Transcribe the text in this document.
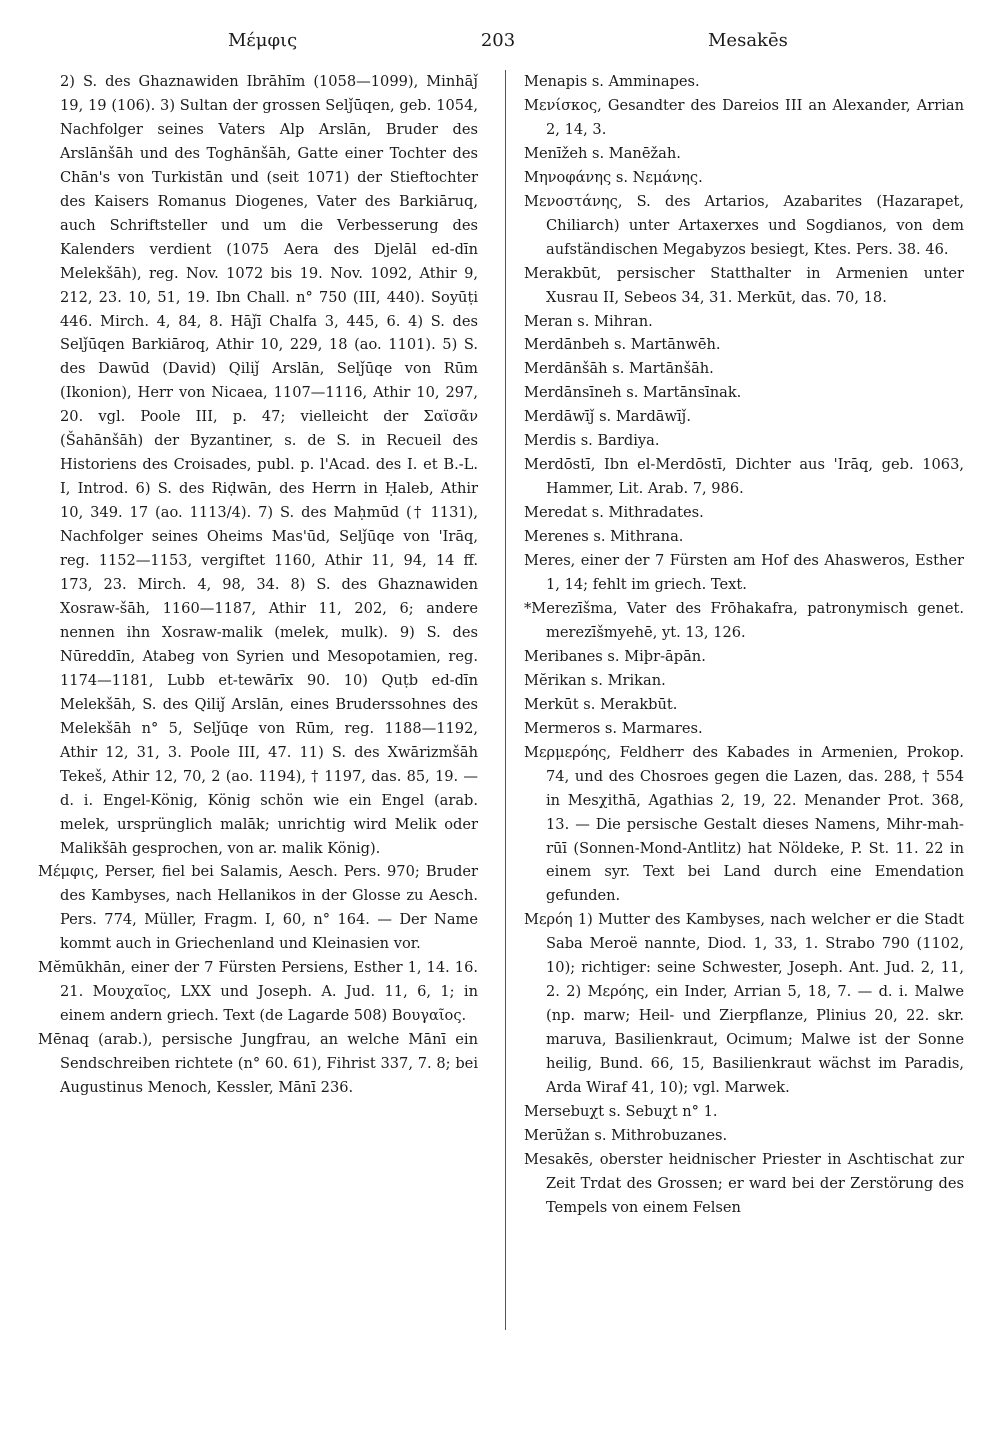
Μέμφις	203	Mesakēs

2) S. des Ghaznawiden Ibrāhīm (1058—1099), Minhāǰ 19, 19 (106). 3) Sultan der grossen Selǰūqen, geb. 1054, Nachfolger seines Vaters Alp Arslān, Bruder des Arslānšāh und des Toghānšāh, Gatte einer Tochter des Chān's von Turkistān und (seit 1071) der Stieftochter des Kaisers Romanus Diogenes, Vater des Barkiāruq, auch Schriftsteller und um die Verbesserung des Kalenders verdient (1075 Aera des Djelāl ed-dīn Melekšāh), reg. Nov. 1072 bis 19. Nov. 1092, Athir 9, 212, 23. 10, 51, 19. Ibn Chall. n° 750 (III, 440). Soyūṭi 446. Mirch. 4, 84, 8. Hāǰī Chalfa 3, 445, 6. 4) S. des Selǰūqen Barkiāroq, Athir 10, 229, 18 (ao. 1101). 5) S. des Dawūd (David) Qiliǰ Arslān, Selǰūqe von Rūm (Ikonion), Herr von Nicaea, 1107—1116, Athir 10, 297, 20. vgl. Poole III, p. 47; vielleicht der Σαϊσᾶν (Šahānšāh) der Byzantiner, s. de S. in Recueil des Historiens des Croisades, publ. p. l'Acad. des I. et B.-L. I, Introd. 6) S. des Riḍwān, des Herrn in Ḥaleb, Athir 10, 349. 17 (ao. 1113/4). 7) S. des Maḥmūd († 1131), Nachfolger seines Oheims Mas'ūd, Selǰūqe von 'Irāq, reg. 1152—1153, vergiftet 1160, Athir 11, 94, 14 ff. 173, 23. Mirch. 4, 98, 34. 8) S. des Ghaznawiden Xosraw-šāh, 1160—1187, Athir 11, 202, 6; andere nennen ihn Xosraw-malik (melek, mulk). 9) S. des Nūreddīn, Atabeg von Syrien und Mesopotamien, reg. 1174—1181, Lubb et-tewārīx 90. 10) Quṭb ed-dīn Melekšāh, S. des Qiliǰ Arslān, eines Bruderssohnes des Melekšāh n° 5, Selǰūqe von Rūm, reg. 1188—1192, Athir 12, 31, 3. Poole III, 47. 11) S. des Xwārizmšāh Tekeš, Athir 12, 70, 2 (ao. 1194), † 1197, das. 85, 19. — d. i. Engel-König, König schön wie ein Engel (arab. melek, ursprünglich malāk; unrichtig wird Melik oder Malikšāh gesprochen, von ar. malik König).

Μέμφις, Perser, fiel bei Salamis, Aesch. Pers. 970; Bruder des Kambyses, nach Hellanikos in der Glosse zu Aesch. Pers. 774, Müller, Fragm. I, 60, n° 164. — Der Name kommt auch in Griechenland und Kleinasien vor.

Mĕmūkhān, einer der 7 Fürsten Persiens, Esther 1, 14. 16. 21. Μουχαῖος, LXX und Joseph. A. Jud. 11, 6, 1; in einem andern griech. Text (de Lagarde 508) Βουγαῖος.

Mēnaq (arab.), persische Jungfrau, an welche Mānī ein Sendschreiben richtete (n° 60. 61), Fihrist 337, 7. 8; bei Augustinus Menoch, Kessler, Mānī 236.

Menapis s. Amminapes.

Μενίσκος, Gesandter des Dareios III an Alexander, Arrian 2, 14, 3.

Menīžeh s. Manēžah.

Μηνοφάνης s. Νεμάνης.

Μενοστάνης, S. des Artarios, Azabarites (Hazarapet, Chiliarch) unter Artaxerxes und Sogdianos, von dem aufständischen Megabyzos besiegt, Ktes. Pers. 38. 46.

Merakbūt, persischer Statthalter in Armenien unter Xusrau II, Sebeos 34, 31. Merkūt, das. 70, 18.

Meran s. Mihran.

Merdānbeh s. Martānwēh.

Merdānšāh s. Martānšāh.

Merdānsīneh s. Martānsīnak.

Merdāwīǰ s. Mardāwīǰ.

Merdis s. Bardiya.

Merdōstī, Ibn el-Merdōstī, Dichter aus 'Irāq, geb. 1063, Hammer, Lit. Arab. 7, 986.

Meredat s. Mithradates.

Merenes s. Mithrana.

Meres, einer der 7 Fürsten am Hof des Ahasweros, Esther 1, 14; fehlt im griech. Text.

*Merezīšma, Vater des Frōhakafra, patronymisch genet. merezīšmyehē, yt. 13, 126.

Meribanes s. Miþr-āpān.

Mĕrikan s. Mrikan.

Merkūt s. Merakbūt.

Mermeros s. Marmares.

Μερμερόης, Feldherr des Kabades in Armenien, Prokop. 74, und des Chosroes gegen die Lazen, das. 288, † 554 in Mesχithā, Agathias 2, 19, 22. Menander Prot. 368, 13. — Die persische Gestalt dieses Namens, Mihr-mah-rūī (Sonnen-Mond-Antlitz) hat Nöldeke, P. St. 11. 22 in einem syr. Text bei Land durch eine Emendation gefunden.

Μερόη 1) Mutter des Kambyses, nach welcher er die Stadt Saba Meroë nannte, Diod. 1, 33, 1. Strabo 790 (1102, 10); richtiger: seine Schwester, Joseph. Ant. Jud. 2, 11, 2. 2) Μερόης, ein Inder, Arrian 5, 18, 7. — d. i. Malwe (np. marw; Heil- und Zierpflanze, Plinius 20, 22. skr. maruva, Basilienkraut, Ocimum; Malwe ist der Sonne heilig, Bund. 66, 15, Basilienkraut wächst im Paradis, Arda Wiraf 41, 10); vgl. Marwek.

Mersebuχt s. Sebuχt n° 1.

Merūžan s. Mithrobuzanes.

Mesakēs, oberster heidnischer Priester in Aschtischat zur Zeit Trdat des Grossen; er ward bei der Zerstörung des Tempels von einem Felsen
